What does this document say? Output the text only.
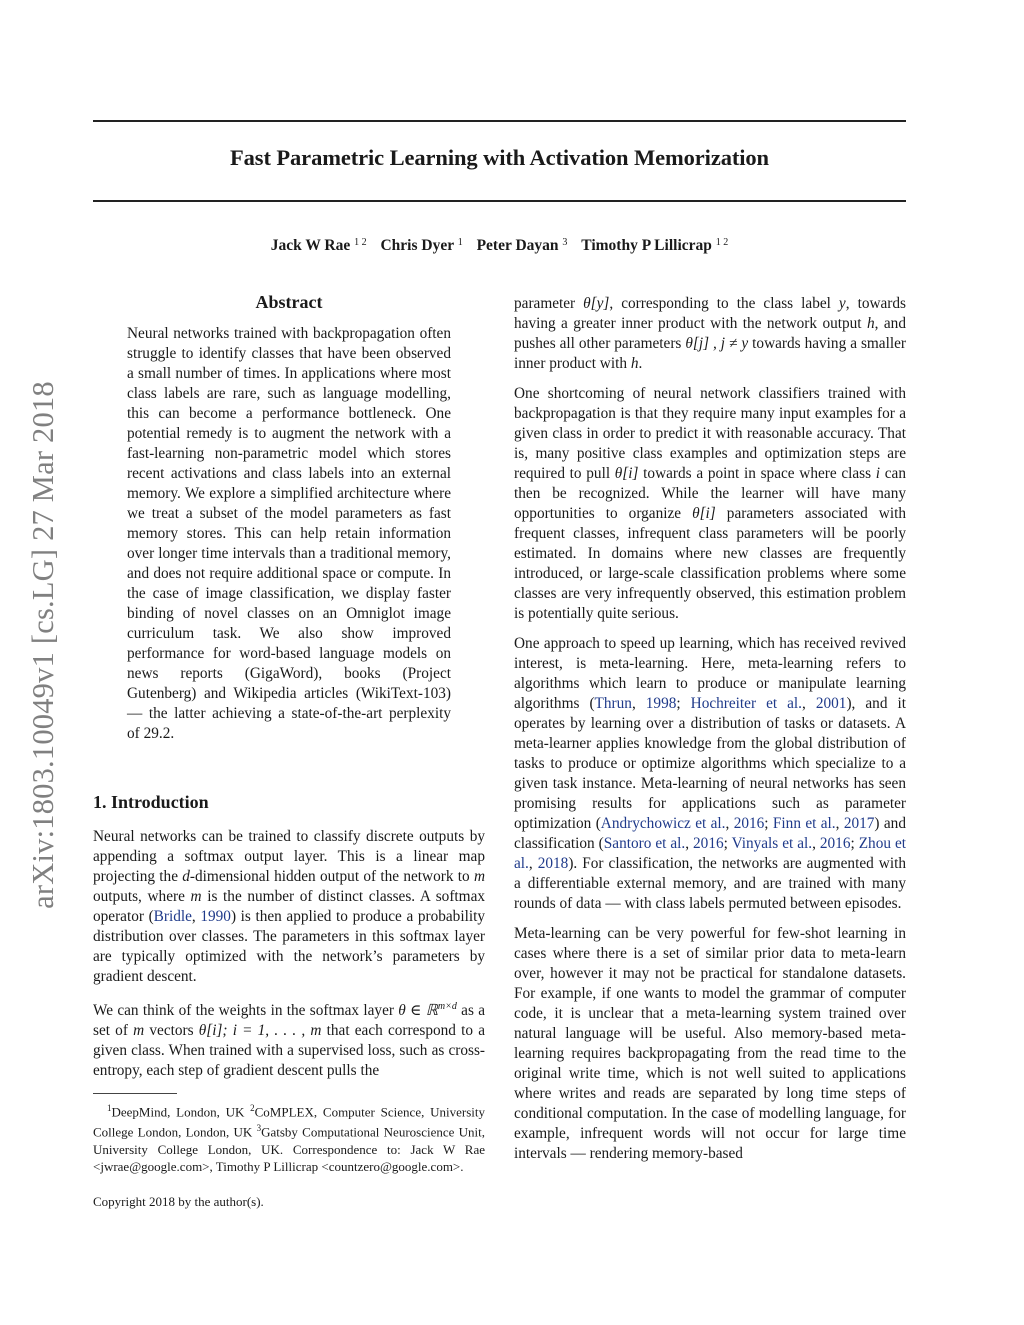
arXiv:1803.10049v1 [cs.LG] 27 Mar 2018
Fast Parametric Learning with Activation Memorization
Jack W Rae $^{1 2}$ Chris Dyer $^1$ Peter Dayan $^3$ Timothy P Lillicrap $^{1 2}$
Abstract
Neural networks trained with backpropagation often struggle to identify classes that have been observed a small number of times. In applications where most class labels are rare, such as language modelling, this can become a performance bottleneck. One potential remedy is to augment the network with a fast-learning non-parametric model which stores recent activations and class labels into an external memory. We explore a simplified architecture where we treat a subset of the model parameters as fast memory stores. This can help retain information over longer time intervals than a traditional memory, and does not require additional space or compute. In the case of image classification, we display faster binding of novel classes on an Omniglot image curriculum task. We also show improved performance for word-based language models on news reports (GigaWord), books (Project Gutenberg) and Wikipedia articles (WikiText-103) — the latter achieving a state-of-the-art perplexity of 29.2.
1. Introduction

Neural networks can be trained to classify discrete outputs by appending a softmax output layer. This is a linear map projecting the d-dimensional hidden output of the network to m outputs, where m is the number of distinct classes. A softmax operator (Bridle, 1990) is then applied to produce a probability distribution over classes. The parameters in this softmax layer are typically optimized with the network’s parameters by gradient descent.

We can think of the weights in the softmax layer θ ∈ ℝ$^{m\times d}$ as a set of m vectors θ[i]; i = 1, . . . , m that each correspond to a given class. When trained with a supervised loss, such as cross-entropy, each step of gradient descent pulls the

$^1$DeepMind, London, UK $^2$CoMPLEX, Computer Science, University College London, London, UK $^3$Gatsby Computational Neuroscience Unit, University College London, UK. Correspondence to: Jack W Rae <jwrae@google.com>, Timothy P Lillicrap <countzero@google.com>.
Copyright 2018 by the author(s).

parameter θ[y], corresponding to the class label y, towards having a greater inner product with the network output h, and pushes all other parameters θ[j] , j ≠ y towards having a smaller inner product with h.

One shortcoming of neural network classifiers trained with backpropagation is that they require many input examples for a given class in order to predict it with reasonable accuracy. That is, many positive class examples and optimization steps are required to pull θ[i] towards a point in space where class i can then be recognized. While the learner will have many opportunities to organize θ[i] parameters associated with frequent classes, infrequent class parameters will be poorly estimated. In domains where new classes are frequently introduced, or large-scale classification problems where some classes are very infrequently observed, this estimation problem is potentially quite serious.

One approach to speed up learning, which has received revived interest, is meta-learning. Here, meta-learning refers to algorithms which learn to produce or manipulate learning algorithms (Thrun, 1998; Hochreiter et al., 2001), and it operates by learning over a distribution of tasks or datasets. A meta-learner applies knowledge from the global distribution of tasks to produce or optimize algorithms which specialize to a given task instance. Meta-learning of neural networks has seen promising results for applications such as parameter optimization (Andrychowicz et al., 2016; Finn et al., 2017) and classification (Santoro et al., 2016; Vinyals et al., 2016; Zhou et al., 2018). For classification, the networks are augmented with a differentiable external memory, and are trained with many rounds of data — with class labels permuted between episodes.

Meta-learning can be very powerful for few-shot learning in cases where there is a set of similar prior data to meta-learn over, however it may not be practical for standalone datasets. For example, if one wants to model the grammar of computer code, it is unclear that a meta-learning system trained over natural language will be useful. Also memory-based meta-learning requires backpropagating from the read time to the original write time, which is not well suited to applications where writes and reads are separated by long time steps of conditional computation. In the case of modelling language, for example, infrequent words will not occur for large time intervals — rendering memory-based
